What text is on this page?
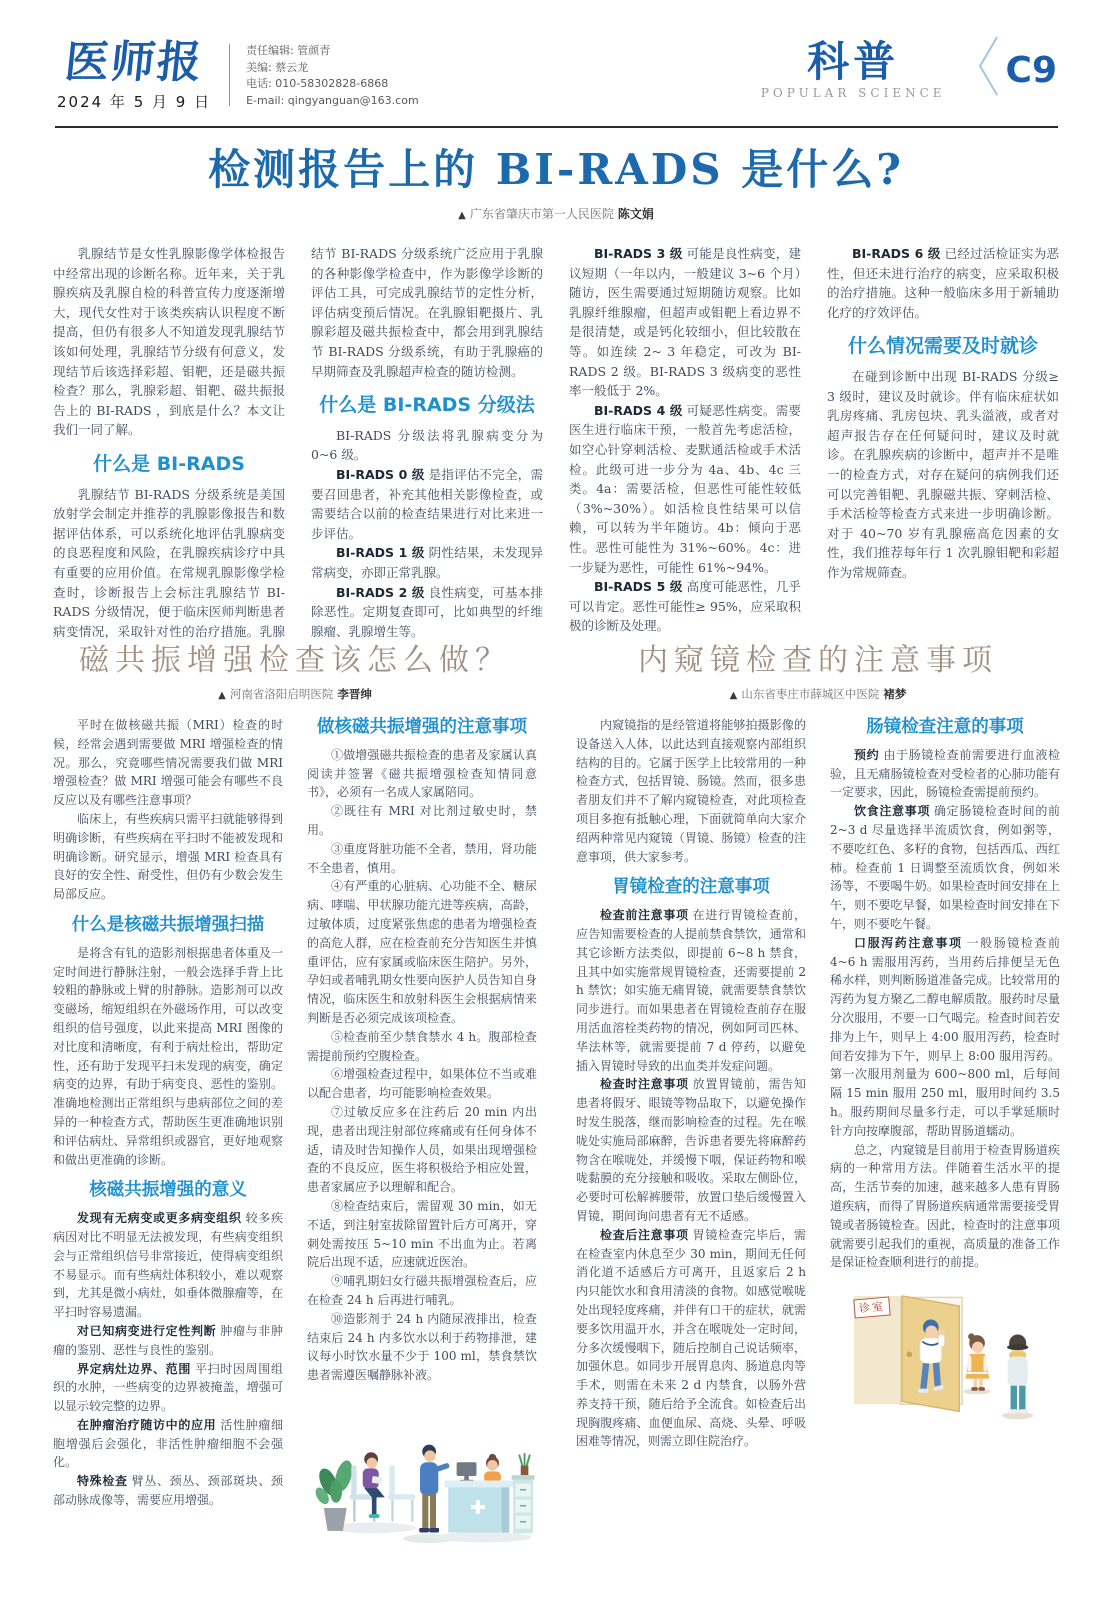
医师报
2024 年 5 月 9 日
责任编辑: 管颜青
美编: 蔡云龙
电话: 010-58302828-6868
E-mail: qingyanguan@163.com
科普
POPULAR SCIENCE 〈 C9
检测报告上的 BI-RADS 是什么?
▲ 广东省肇庆市第一人民医院 陈文娟

乳腺结节是女性乳腺影像学体检报告中经常出现的诊断名称。近年来，关于乳腺疾病及乳腺自检的科普宣传力度逐渐增大，现代女性对于该类疾病认识程度不断提高，但仍有很多人不知道发现乳腺结节该如何处理，乳腺结节分级有何意义，发现结节后该选择彩超、钼靶，还是磁共振检查？那么，乳腺彩超、钼靶、磁共振报告上的 BI-RADS ，到底是什么？本文让我们一同了解。

什么是 BI-RADS

乳腺结节 BI-RADS 分级系统是美国放射学会制定并推荐的乳腺影像报告和数据评估体系，可以系统化地评估乳腺病变的良恶程度和风险，在乳腺疾病诊疗中具有重要的应用价值。在常规乳腺影像学检查时，诊断报告上会标注乳腺结节 BI-RADS 分级情况，便于临床医师判断患者病变情况，采取针对性的治疗措施。乳腺结节 BI-RADS 分级系统广泛应用于乳腺的各种影像学检查中，作为影像学诊断的评估工具，可完成乳腺结节的定性分析，评估病变预后情况。在乳腺钼靶摄片、乳腺彩超及磁共振检查中，都会用到乳腺结节 BI-RADS 分级系统，有助于乳腺癌的早期筛查及乳腺超声检查的随访检测。

什么是 BI-RADS 分级法

BI-RADS 分级法将乳腺病变分为 0~6 级。

BI-RADS 0 级 是指评估不完全，需要召回患者，补充其他相关影像检查，或需要结合以前的检查结果进行对比来进一步评估。

BI-RADS 1 级 阴性结果，未发现异常病变，亦即正常乳腺。

BI-RADS 2 级 良性病变，可基本排除恶性。定期复查即可，比如典型的纤维腺瘤、乳腺增生等。

BI-RADS 3 级 可能是良性病变，建议短期（一年以内，一般建议 3~6 个月）随访，医生需要通过短期随访观察。比如乳腺纤维腺瘤，但超声或钼靶上看边界不是很清楚，或是钙化较细小，但比较散在等。如连续 2~ 3 年稳定，可改为 BI-RADS 2 级。BI-RADS 3 级病变的恶性率一般低于 2%。

BI-RADS 4 级 可疑恶性病变。需要医生进行临床干预，一般首先考虑活检，如空心针穿刺活检、麦默通活检或手术活检。此级可进一步分为 4a、4b、4c 三类。4a：需要活检，但恶性可能性较低（3%~30%）。如活检良性结果可以信赖，可以转为半年随访。4b：倾向于恶性。恶性可能性为 31%~60%。4c：进一步疑为恶性，可能性 61%~94%。

BI-RADS 5 级 高度可能恶性，几乎可以肯定。恶性可能性≥ 95%，应采取积极的诊断及处理。

BI-RADS 6 级 已经过活检证实为恶性，但还未进行治疗的病变，应采取积极的治疗措施。这种一般临床多用于新辅助化疗的疗效评估。

什么情况需要及时就诊

在碰到诊断中出现 BI-RADS 分级≥ 3 级时，建议及时就诊。伴有临床症状如乳房疼痛、乳房包块、乳头溢液，或者对超声报告存在任何疑问时，建议及时就诊。在乳腺疾病的诊断中，超声并不是唯一的检查方式，对存在疑问的病例我们还可以完善钼靶、乳腺磁共振、穿刺活检、手术活检等检查方式来进一步明确诊断。对于 40~70 岁有乳腺癌高危因素的女性，我们推荐每年行 1 次乳腺钼靶和彩超作为常规筛查。

磁共振增强检查该怎么做？
▲ 河南省洛阳启明医院 李晋绅

平时在做核磁共振（MRI）检查的时候，经常会遇到需要做 MRI 增强检查的情况。那么，究竟哪些情况需要我们做 MRI 增强检查？做 MRI 增强可能会有哪些不良反应以及有哪些注意事项？

临床上，有些疾病只需平扫就能够得到明确诊断，有些疾病在平扫时不能被发现和明确诊断。研究显示，增强 MRI 检查具有良好的安全性、耐受性，但仍有少数会发生局部反应。

什么是核磁共振增强扫描

是将含有钆的造影剂根据患者体重及一定时间进行静脉注射，一般会选择手背上比较粗的静脉或上臂的肘静脉。造影剂可以改变磁场，缩短组织在外磁场作用，可以改变组织的信号强度，以此来提高 MRI 图像的对比度和清晰度，有利于病灶检出，帮助定性，还有助于发现平扫未发现的病变，确定病变的边界，有助于病变良、恶性的鉴别。准确地检测出正常组织与患病部位之间的差异的一种检查方式，帮助医生更准确地识别和评估病灶、异常组织或器官，更好地观察和做出更准确的诊断。

核磁共振增强的意义

发现有无病变或更多病变组织 较多疾病因对比不明显无法被发现，有些病变组织会与正常组织信号非常接近，使得病变组织不易显示。而有些病灶体积较小，难以观察到，尤其是微小病灶，如垂体微腺瘤等，在平扫时容易遗漏。

对已知病变进行定性判断 肿瘤与非肿瘤的鉴别、恶性与良性的鉴别。

界定病灶边界、范围 平扫时因周围组织的水肿，一些病变的边界被掩盖，增强可以显示较完整的边界。

在肿瘤治疗随访中的应用 活性肿瘤细胞增强后会强化，非活性肿瘤细胞不会强化。

特殊检查 臂丛、颈丛、颈部斑块、颈部动脉成像等，需要应用增强。

做核磁共振增强的注意事项

①做增强磁共振检查的患者及家属认真阅读并签署《磁共振增强检查知情同意书》，必须有一名成人家属陪同。

②既往有 MRI 对比剂过敏史时，禁用。

③重度肾脏功能不全者，禁用，肾功能不全患者，慎用。

④有严重的心脏病、心功能不全、糖尿病、哮喘、甲状腺功能亢进等疾病，高龄，过敏体质，过度紧张焦虑的患者为增强检查的高危人群，应在检查前充分告知医生并慎重评估，应有家属或临床医生陪护。另外，孕妇或者哺乳期女性要向医护人员告知自身情况，临床医生和放射科医生会根据病情来判断是否必须完成该项检查。

⑤检查前至少禁食禁水 4 h。腹部检查需提前预约空腹检查。

⑥增强检查过程中，如果体位不当或难以配合患者，均可能影响检查效果。

⑦过敏反应多在注药后 20 min 内出现，患者出现注射部位疼痛或有任何身体不适，请及时告知操作人员，如果出现增强检查的不良反应，医生将积极给予相应处置，患者家属应予以理解和配合。

⑧检查结束后，需留观 30 min，如无不适，到注射室拔除留置针后方可离开，穿刺处需按压 5~10 min 不出血为止。若离院后出现不适，应速就近医治。

⑨哺乳期妇女行磁共振增强检查后，应在检查 24 h 后再进行哺乳。

⑩造影剂于 24 h 内随尿液排出，检查结束后 24 h 内多饮水以利于药物排泄，建议每小时饮水量不少于 100 ml，禁食禁饮患者需遵医嘱静脉补液。

内窥镜检查的注意事项
▲ 山东省枣庄市薛城区中医院 褚梦

内窥镜指的是经管道将能够拍摄影像的设备送入人体，以此达到直接观察内部组织结构的目的。它属于医学上比较常用的一种检查方式，包括胃镜、肠镜。然而，很多患者朋友们并不了解内窥镜检查，对此项检查项目多抱有抵触心理，下面就简单向大家介绍两种常见内窥镜（胃镜、肠镜）检查的注意事项，供大家参考。

胃镜检查的注意事项

检查前注意事项 在进行胃镜检查前，应告知需要检查的人提前禁食禁饮，通常和其它诊断方法类似，即提前 6~8 h 禁食，且其中如实施常规胃镜检查，还需要提前 2 h 禁饮；如实施无痛胃镜，就需要禁食禁饮同步进行。而如果患者在胃镜检查前存在服用活血溶栓类药物的情况，例如阿司匹林、华法林等，就需要提前 7 d 停药，以避免插入胃镜时导致的出血类并发症问题。

检查时注意事项 放置胃镜前，需告知患者将假牙、眼镜等物品取下，以避免操作时发生脱落，继而影响检查的过程。先在喉咙处实施局部麻醉，告诉患者要先将麻醉药物含在喉咙处，并缓慢下咽，保证药物和喉咙黏膜的充分接触和吸收。采取左侧卧位，必要时可松解裤腰带，放置口垫后缓慢置入胃镜，期间询问患者有无不适感。

检查后注意事项 胃镜检查完毕后，需在检查室内休息至少 30 min，期间无任何消化道不适感后方可离开，且返家后 2 h 内只能饮水和食用清淡的食物。如感觉喉咙处出现轻度疼痛，并伴有口干的症状，就需要多饮用温开水，并含在喉咙处一定时间，分多次缓慢咽下，随后控制自己说话频率，加强休息。如同步开展胃息肉、肠道息肉等手术，则需在未来 2 d 内禁食，以肠外营养支持干预，随后给予全流食。如检查后出现胸腹疼痛、血便血尿、高烧、头晕、呼吸困难等情况，则需立即住院治疗。

肠镜检查注意的事项

预约 由于肠镜检查前需要进行血液检验，且无痛肠镜检查对受检者的心肺功能有一定要求，因此，肠镜检查需提前预约。

饮食注意事项 确定肠镜检查时间的前 2~3 d 尽量选择半流质饮食，例如粥等，不要吃红色、多籽的食物，包括西瓜、西红柿。检查前 1 日调整至流质饮食，例如米汤等，不要喝牛奶。如果检查时间安排在上午，则不要吃早餐，如果检查时间安排在下午，则不要吃午餐。

口服泻药注意事项 一般肠镜检查前 4~6 h 需服用泻药，当用药后排便呈无色稀水样，则判断肠道准备完成。比较常用的泻药为复方聚乙二醇电解质散。服药时尽量分次服用，不要一口气喝完。检查时间若安排为上午，则早上 4:00 服用泻药，检查时间若安排为下午，则早上 8:00 服用泻药。第一次服用剂量为 600~800 ml，后每间隔 15 min 服用 250 ml，服用时间约 3.5 h。服药期间尽量多行走，可以手掌延顺时针方向按摩腹部，帮助胃肠道蠕动。

总之，内窥镜是目前用于检查胃肠道疾病的一种常用方法。伴随着生活水平的提高，生活节奏的加速，越来越多人患有胃肠道疾病，而得了胃肠道疾病通常需要接受胃镜或者肠镜检查。因此，检查时的注意事项就需要引起我们的重视，高质量的准备工作是保证检查顺利进行的前提。

诊室
